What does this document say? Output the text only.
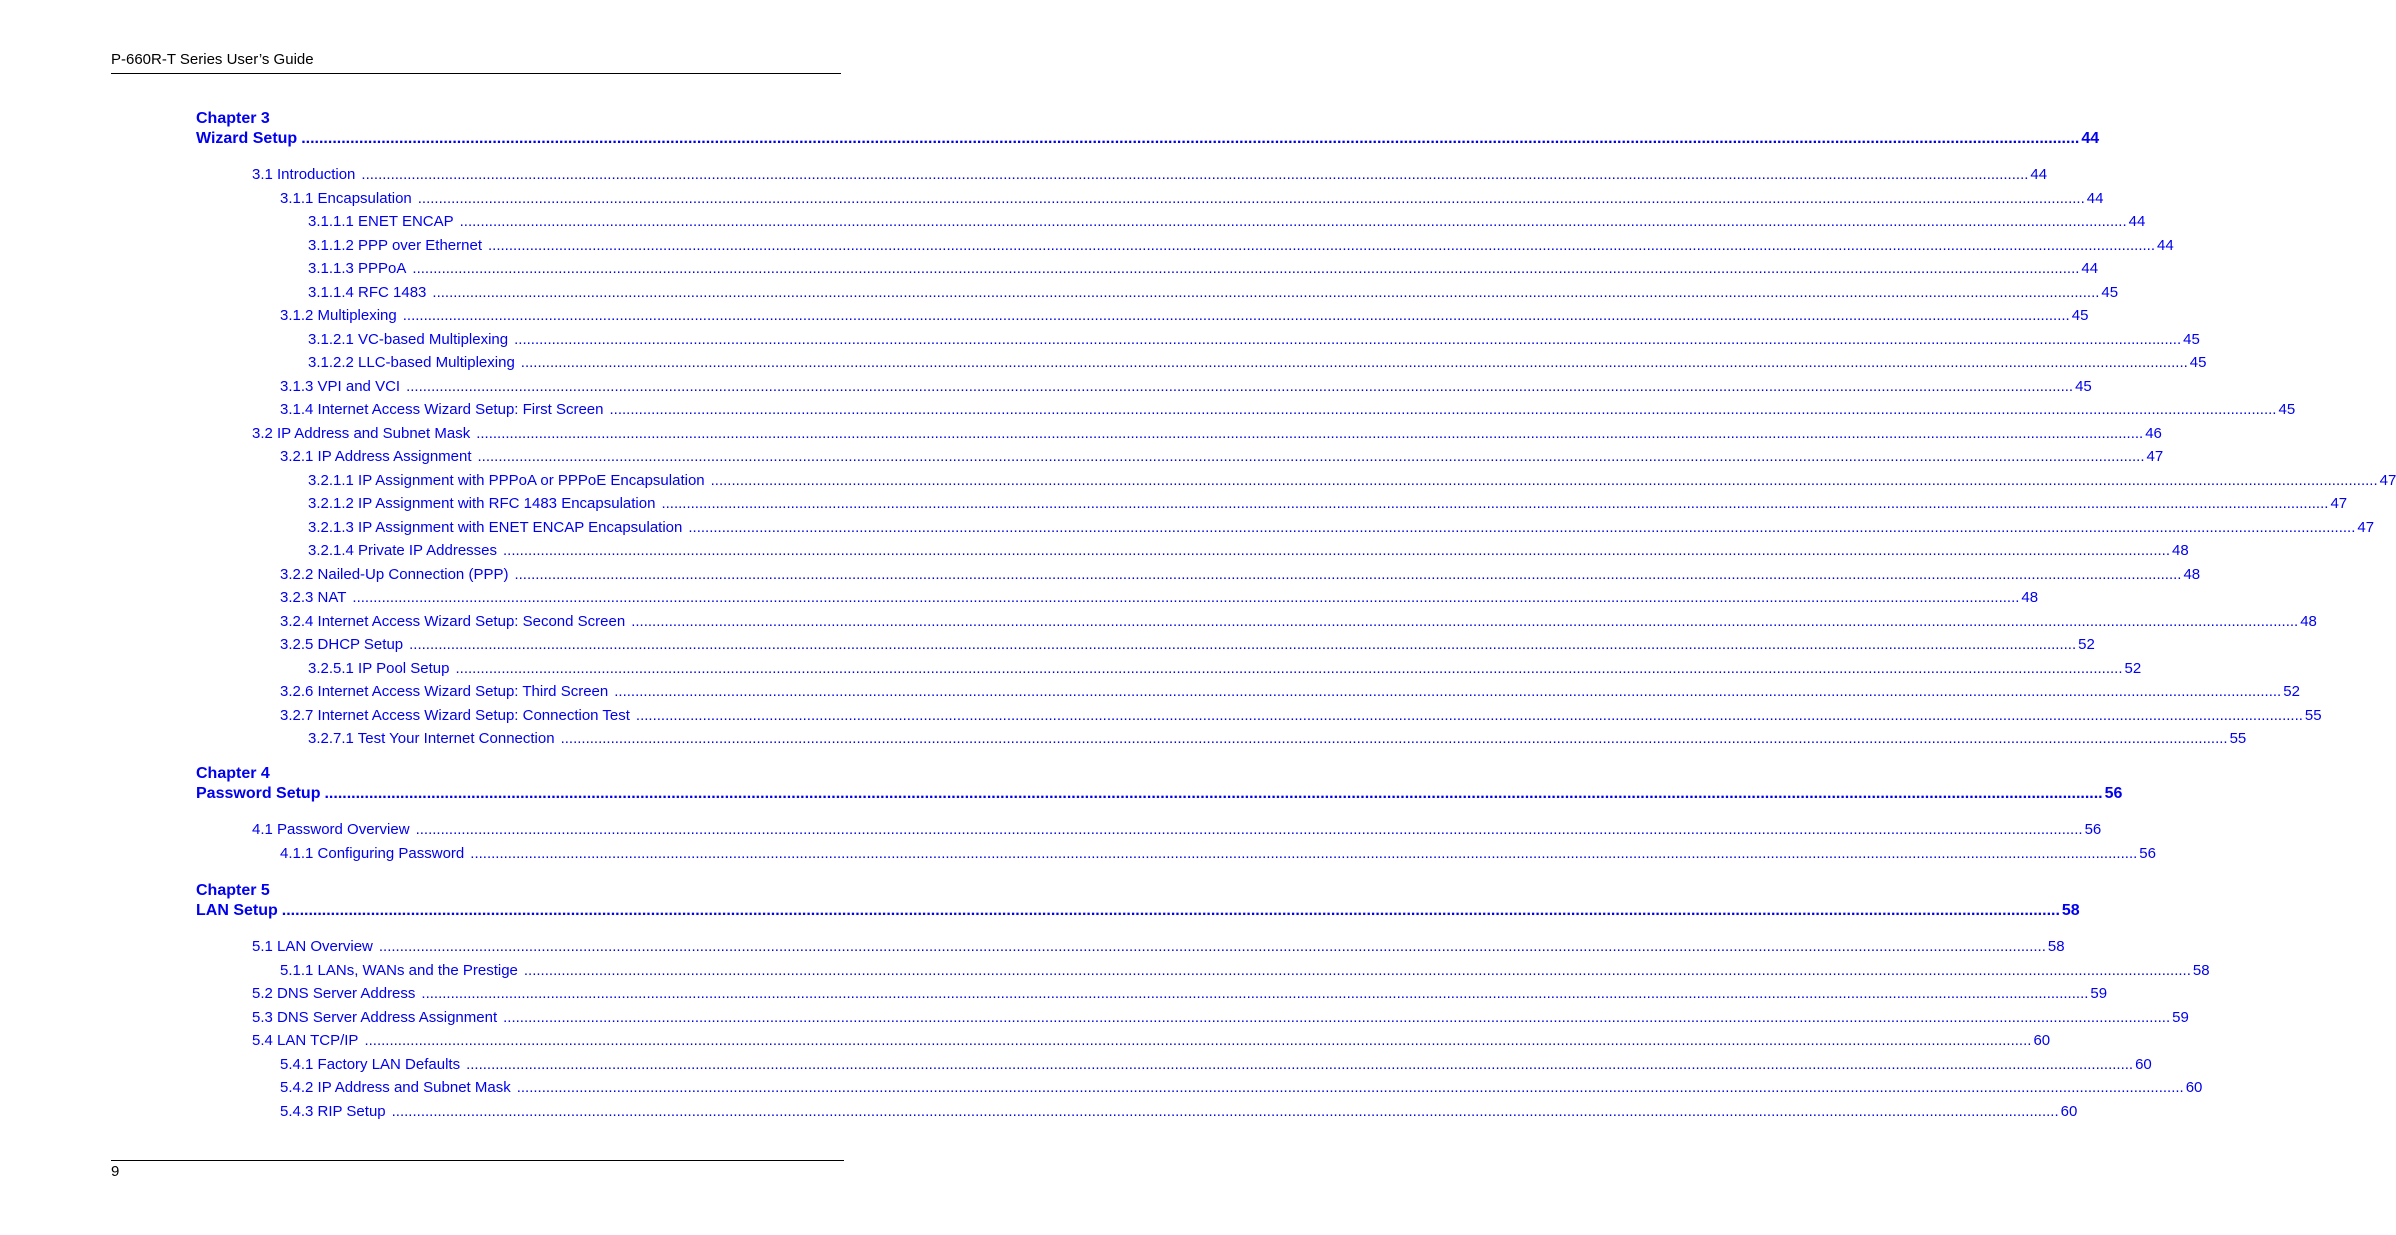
P-660R-T Series User’s Guide
Chapter 3
Wizard Setup ................................................................................................................................................................................................................................................................................................................................................................................................................ 44
3.1 Introduction ................................................................................................................................................................................................................................................................................................................................................................................................................ 44
3.1.1 Encapsulation ................................................................................................................................................................................................................................................................................................................................................................................................................ 44
3.1.1.1 ENET ENCAP ................................................................................................................................................................................................................................................................................................................................................................................................................ 44
3.1.1.2 PPP over Ethernet ................................................................................................................................................................................................................................................................................................................................................................................................................ 44
3.1.1.3 PPPoA ................................................................................................................................................................................................................................................................................................................................................................................................................ 44
3.1.1.4 RFC 1483 ................................................................................................................................................................................................................................................................................................................................................................................................................ 45
3.1.2 Multiplexing ................................................................................................................................................................................................................................................................................................................................................................................................................ 45
3.1.2.1 VC-based Multiplexing ................................................................................................................................................................................................................................................................................................................................................................................................................ 45
3.1.2.2 LLC-based Multiplexing ................................................................................................................................................................................................................................................................................................................................................................................................................ 45
3.1.3 VPI and VCI ................................................................................................................................................................................................................................................................................................................................................................................................................ 45
3.1.4 Internet Access Wizard Setup: First Screen ................................................................................................................................................................................................................................................................................................................................................................................................................ 45
3.2 IP Address and Subnet Mask ................................................................................................................................................................................................................................................................................................................................................................................................................ 46
3.2.1 IP Address Assignment ................................................................................................................................................................................................................................................................................................................................................................................................................ 47
3.2.1.1 IP Assignment with PPPoA or PPPoE Encapsulation ................................................................................................................................................................................................................................................................................................................................................................................................................ 47
3.2.1.2 IP Assignment with RFC 1483 Encapsulation ................................................................................................................................................................................................................................................................................................................................................................................................................ 47
3.2.1.3 IP Assignment with ENET ENCAP Encapsulation ................................................................................................................................................................................................................................................................................................................................................................................................................ 47
3.2.1.4 Private IP Addresses ................................................................................................................................................................................................................................................................................................................................................................................................................ 48
3.2.2 Nailed-Up Connection (PPP) ................................................................................................................................................................................................................................................................................................................................................................................................................ 48
3.2.3 NAT ................................................................................................................................................................................................................................................................................................................................................................................................................ 48
3.2.4 Internet Access Wizard Setup: Second Screen ................................................................................................................................................................................................................................................................................................................................................................................................................ 48
3.2.5 DHCP Setup ................................................................................................................................................................................................................................................................................................................................................................................................................ 52
3.2.5.1 IP Pool Setup ................................................................................................................................................................................................................................................................................................................................................................................................................ 52
3.2.6 Internet Access Wizard Setup: Third Screen ................................................................................................................................................................................................................................................................................................................................................................................................................ 52
3.2.7 Internet Access Wizard Setup: Connection Test ................................................................................................................................................................................................................................................................................................................................................................................................................ 55
3.2.7.1 Test Your Internet Connection ................................................................................................................................................................................................................................................................................................................................................................................................................ 55
Chapter 4
Password Setup ................................................................................................................................................................................................................................................................................................................................................................................................................ 56
4.1 Password Overview ................................................................................................................................................................................................................................................................................................................................................................................................................ 56
4.1.1 Configuring Password ................................................................................................................................................................................................................................................................................................................................................................................................................ 56
Chapter 5
LAN Setup ................................................................................................................................................................................................................................................................................................................................................................................................................ 58
5.1 LAN Overview ................................................................................................................................................................................................................................................................................................................................................................................................................ 58
5.1.1 LANs, WANs and the Prestige ................................................................................................................................................................................................................................................................................................................................................................................................................ 58
5.2 DNS Server Address ................................................................................................................................................................................................................................................................................................................................................................................................................ 59
5.3 DNS Server Address Assignment ................................................................................................................................................................................................................................................................................................................................................................................................................ 59
5.4 LAN TCP/IP ................................................................................................................................................................................................................................................................................................................................................................................................................ 60
5.4.1 Factory LAN Defaults ................................................................................................................................................................................................................................................................................................................................................................................................................ 60
5.4.2 IP Address and Subnet Mask ................................................................................................................................................................................................................................................................................................................................................................................................................ 60
5.4.3 RIP Setup ................................................................................................................................................................................................................................................................................................................................................................................................................ 60
9
